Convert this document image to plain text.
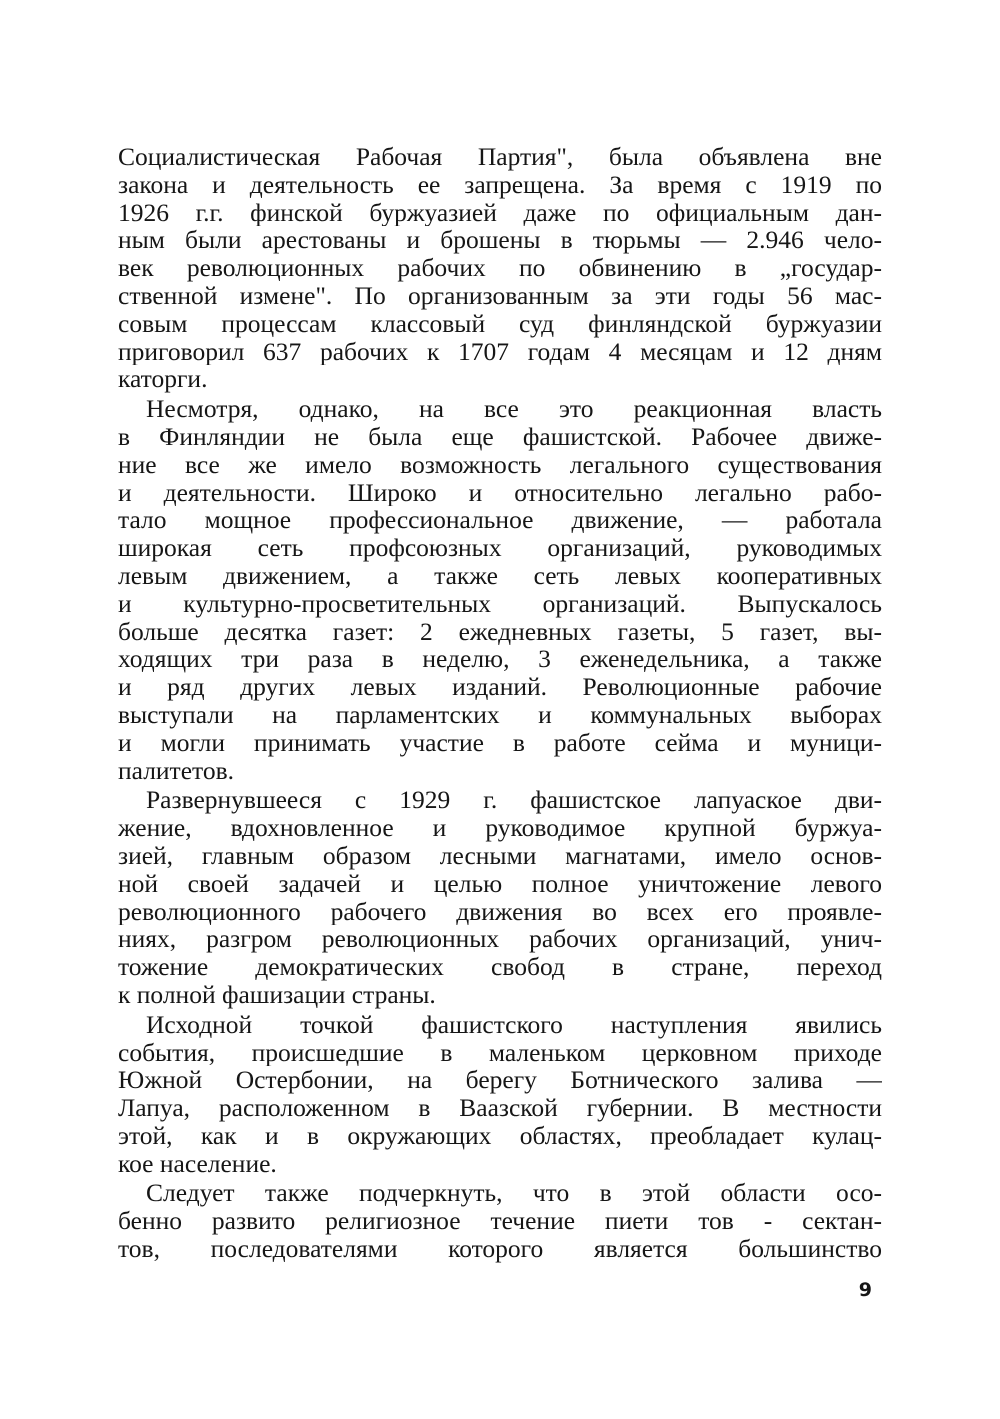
Социалистическая Рабочая Партия", была объявлена вне
закона и деятельность ее запрещена. За время с 1919 по
1926 г.г. финской буржуазией даже по официальным дан-
ным были арестованы и брошены в тюрьмы — 2.946 чело-
век революционных рабочих по обвинению в „государ-
ственной измене". По организованным за эти годы 56 мас-
совым процессам классовый суд финляндской буржуазии
приговорил 637 рабочих к 1707 годам 4 месяцам и 12 дням
каторги.
Несмотря, однако, на все это реакционная власть
в Финляндии не была еще фашистской. Рабочее движе-
ние все же имело возможность легального существования
и деятельности. Широко и относительно легально рабо-
тало мощное профессиональное движение, — работала
широкая сеть профсоюзных организаций, руководимых
левым движением, а также сеть левых кооперативных
и культурно-просветительных организаций. Выпускалось
больше десятка газет: 2 ежедневных газеты, 5 газет, вы-
ходящих три раза в неделю, 3 еженедельника, а также
и ряд других левых изданий. Революционные рабочие
выступали на парламентских и коммунальных выборах
и могли принимать участие в работе сейма и муници-
палитетов.
Развернувшееся с 1929 г. фашистское лапуаское дви-
жение, вдохновленное и руководимое крупной буржуа-
зией, главным образом лесными магнатами, имело основ-
ной своей задачей и целью полное уничтожение левого
революционного рабочего движения во всех его проявле-
ниях, разгром революционных рабочих организаций, унич-
тожение демократических свобод в стране, переход
к полной фашизации страны.
Исходной точкой фашистского наступления явились
события, происшедшие в маленьком церковном приходе
Южной Остербонии, на берегу Ботнического залива —
Лапуа, расположенном в Ваазской губернии. В местности
этой, как и в окружающих областях, преобладает кулац-
кое население.
Следует также подчеркнуть, что в этой области осо-
бенно развито религиозное течение пиети тов - сектан-
тов, последователями которого является большинство
9
